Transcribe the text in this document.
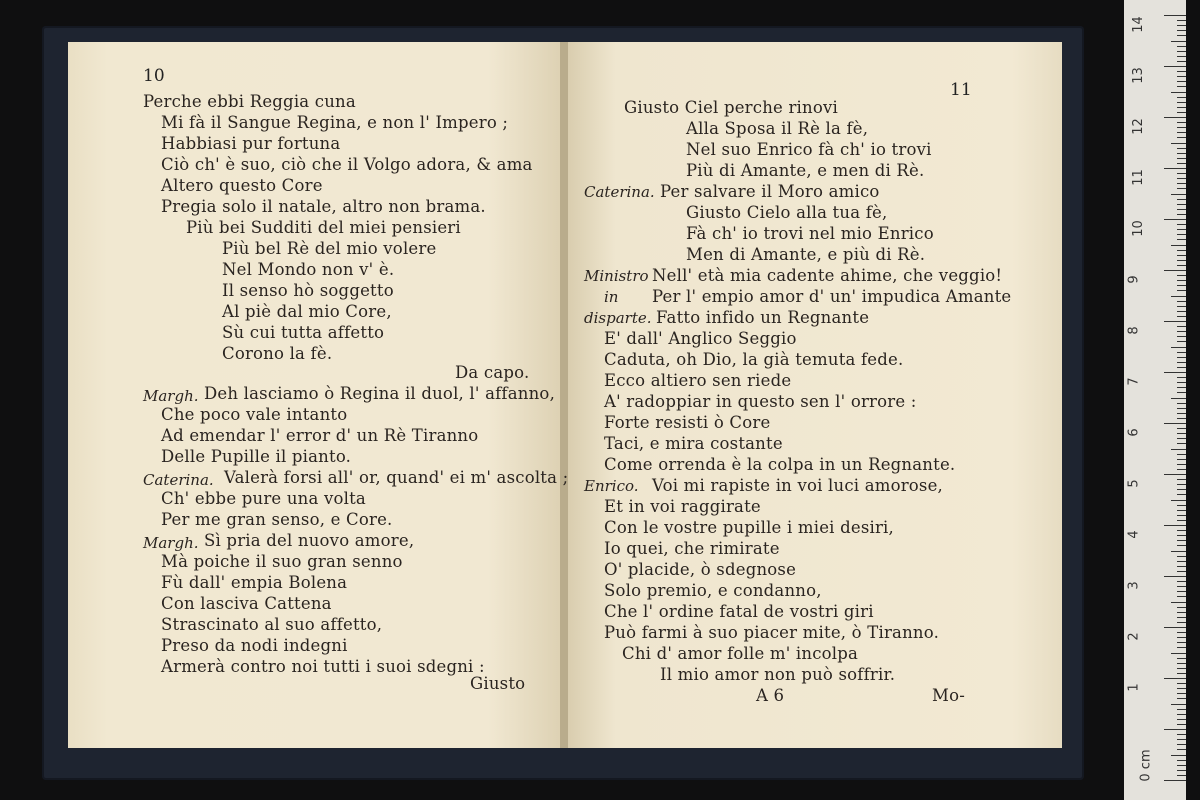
10
11
Perche ebbi Reggia cuna
Mi fà il Sangue Regina, e non l' Impero ;
Habbiasi pur fortuna
Ciò ch' è suo, ciò che il Volgo adora, & ama
Altero questo Core
Pregia solo il natale, altro non brama.
Più bei Sudditi del miei pensieri
Più bel Rè del mio volere
Nel Mondo non v' è.
Il senso hò soggetto
Al piè dal mio Core,
Sù cui tutta affetto
Corono la fè.
Da capo.
Margh. Deh lasciamo ò Regina il duol, l' affanno,
Che poco vale intanto
Ad emendar l' error d' un Rè Tiranno
Delle Pupille il pianto.
Caterina. Valerà forsi all' or, quand' ei m' ascolta ;
Ch' ebbe pure una volta
Per me gran senso, e Core.
Margh. Sì pria del nuovo amore,
Mà poiche il suo gran senno
Fù dall' empia Bolena
Con lasciva Cattena
Strascinato al suo affetto,
Preso da nodi indegni
Armerà contro noi tutti i suoi sdegni :
Giusto
Giusto Ciel perche rinovi
Alla Sposa il Rè la fè,
Nel suo Enrico fà ch' io trovi
Più di Amante, e men di Rè.
Caterina. Per salvare il Moro amico
Giusto Cielo alla tua fè,
Fà ch' io trovi nel mio Enrico
Men di Amante, e più di Rè.
Ministro Nell' età mia cadente ahime, che veggio!
in Per l' empio amor d' un' impudica Amante
disparte. Fatto infido un Regnante
E' dall' Anglico Seggio
Caduta, oh Dio, la già temuta fede.
Ecco altiero sen riede
A' radoppiar in questo sen l' orrore :
Forte resisti ò Core
Taci, e mira costante
Come orrenda è la colpa in un Regnante.
Enrico. Voi mi rapiste in voi luci amorose,
Et in voi raggirate
Con le vostre pupille i miei desiri,
Io quei, che rimirate
O' placide, ò sdegnose
Solo premio, e condanno,
Che l' ordine fatal de vostri giri
Può farmi à suo piacer mite, ò Tiranno.
Chi d' amor folle m' incolpa
Il mio amor non può soffrir.
A 6	Mo-
0 cm
1
2
3
4
5
6
7
8
9
10
11
12
13
14
